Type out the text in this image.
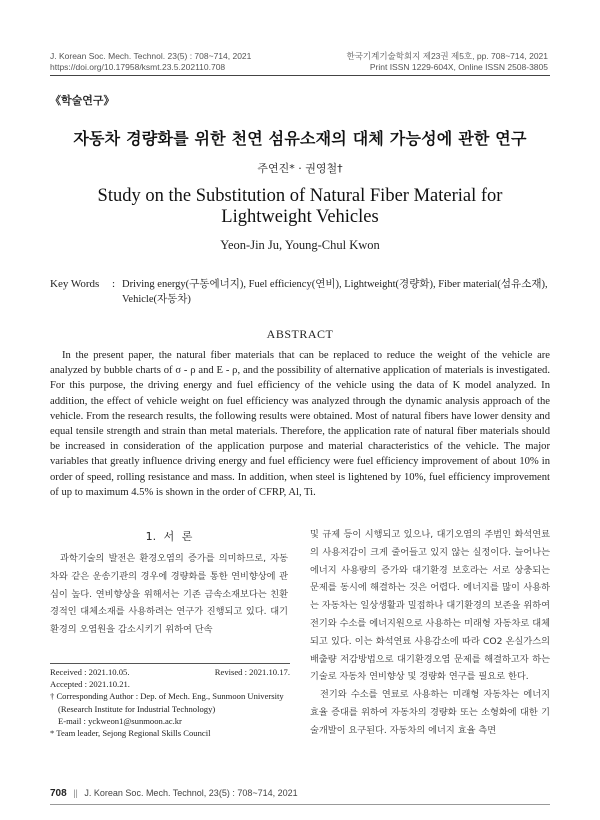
J. Korean Soc. Mech. Technol. 23(5) : 708~714, 2021
https://doi.org/10.17958/ksmt.23.5.202110.708
한국기계기술학회지 제23권 제5호, pp. 708~714, 2021
Print ISSN 1229-604X, Online ISSN 2508-3805
《학술연구》
자동차 경량화를 위한 천연 섬유소재의 대체 가능성에 관한 연구
주연진* · 권영철†
Study on the Substitution of Natural Fiber Material for Lightweight Vehicles
Yeon-Jin Ju, Young-Chul Kwon
Key Words : Driving energy(구동에너지), Fuel efficiency(연비), Lightweight(경량화), Fiber material(섬유소재), Vehicle(자동차)
ABSTRACT
In the present paper, the natural fiber materials that can be replaced to reduce the weight of the vehicle are analyzed by bubble charts of σ - ρ and E - ρ, and the possibility of alternative application of materials is investigated. For this purpose, the driving energy and fuel efficiency of the vehicle using the data of K model analyzed. In addition, the effect of vehicle weight on fuel efficiency was analyzed through the dynamic analysis approach of the vehicle. From the research results, the following results were obtained. Most of natural fibers have lower density and equal tensile strength and strain than metal materials. Therefore, the application rate of natural fiber materials should be increased in consideration of the application purpose and material characteristics of the vehicle. The major variables that greatly influence driving energy and fuel efficiency were fuel efficiency improvement of about 10% in order of speed, rolling resistance and mass. In addition, when steel is lightened by 10%, fuel efficiency improvement of up to maximum 4.5% is shown in the order of CFRP, Al, Ti.
1. 서 론

과학기술의 발전은 환경오염의 증가를 의미하므로, 자동차와 같은 운송기관의 경우에 경량화를 통한 연비향상에 관심이 높다. 연비향상을 위해서는 기존 금속소재보다는 친환경적인 대체소재를 사용하려는 연구가 진행되고 있다. 대기환경의 오염원을 감소시키기 위하여 단속

Received : 2021.10.05.	Revised : 2021.10.17.
Accepted : 2021.10.21.
† Corresponding Author : Dep. of Mech. Eng., Sunmoon University
(Research Institute for Industrial Technology)
E-mail : yckweon1@sunmoon.ac.kr
* Team leader, Sejong Regional Skills Council

및 규제 등이 시행되고 있으나, 대기오염의 주범인 화석연료의 사용저감이 크게 줄어들고 있지 않는 실정이다. 늘어나는 에너지 사용량의 증가와 대기환경 보호라는 서로 상충되는 문제를 동시에 해결하는 것은 어렵다. 에너지를 많이 사용하는 자동차는 일상생활과 밀접하나 대기환경의 보존을 위하여 전기와 수소를 에너지원으로 사용하는 미래형 자동차로 대체되고 있다. 이는 화석연료 사용감소에 따라 CO2 온실가스의 배출량 저감방법으로 대기환경오염 문제를 해결하고자 하는 기술로 자동차 연비향상 및 경량화 연구를 필요로 한다.

전기와 수소를 연료로 사용하는 미래형 자동차는 에너지 효율 증대를 위하여 자동차의 경량화 또는 소형화에 대한 기술개발이 요구된다. 자동차의 에너지 효율 측면

708 || J. Korean Soc. Mech. Technol, 23(5) : 708~714, 2021
